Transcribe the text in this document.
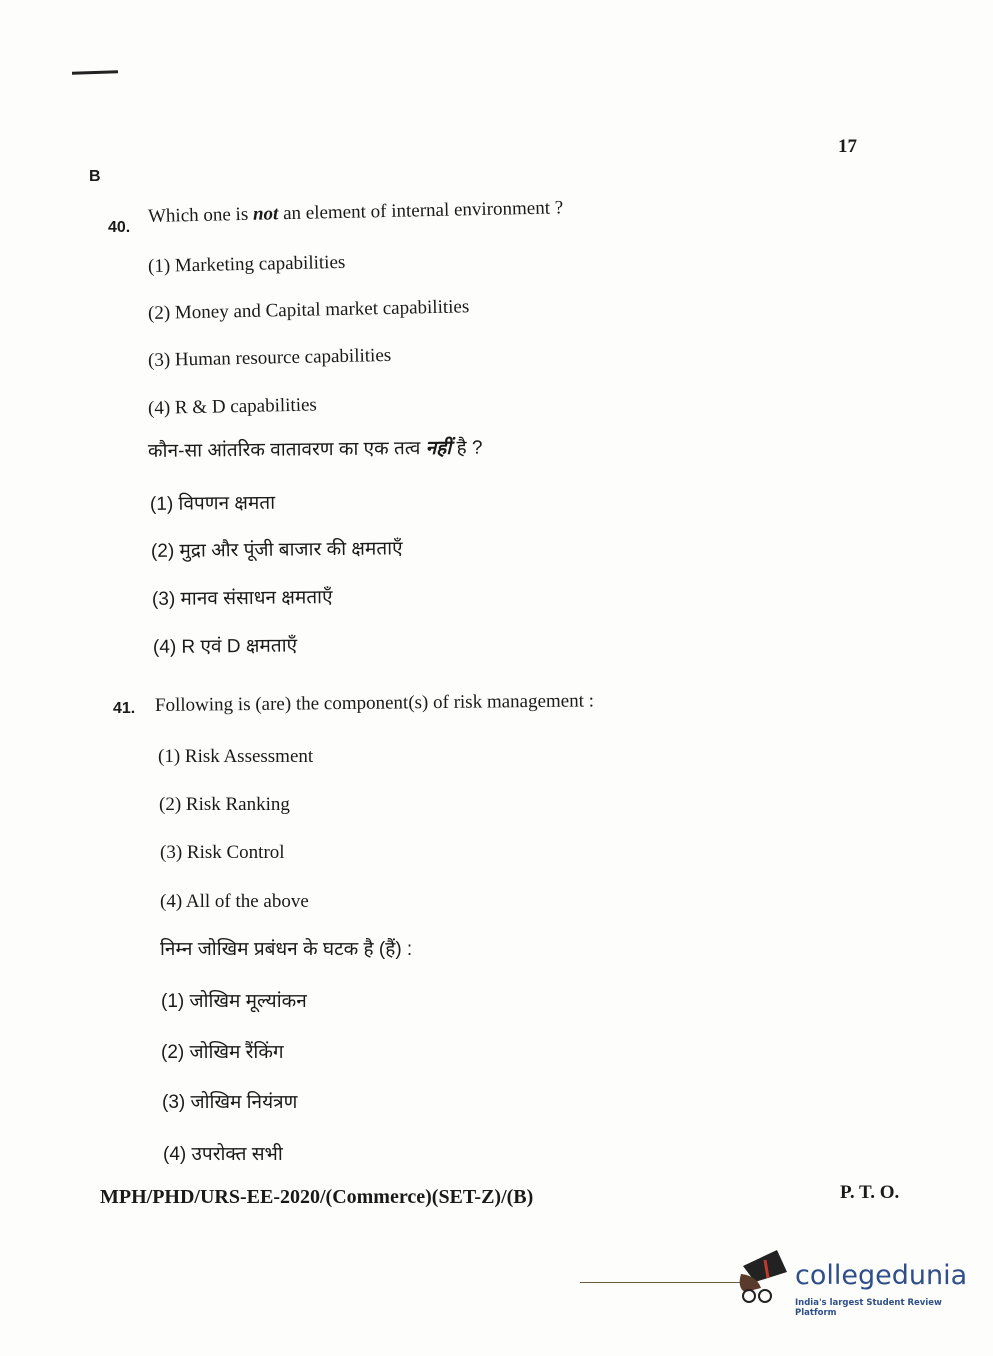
17
B
40.
Which one is not an element of internal environment ?
(1) Marketing capabilities
(2) Money and Capital market capabilities
(3) Human resource capabilities
(4) R & D capabilities
कौन-सा आंतरिक वातावरण का एक तत्व नहीं है ?
(1) विपणन क्षमता
(2) मुद्रा और पूंजी बाजार की क्षमताएँ
(3) मानव संसाधन क्षमताएँ
(4) R एवं D क्षमताएँ
41. Following is (are) the component(s) of risk management :
(1) Risk Assessment
(2) Risk Ranking
(3) Risk Control
(4) All of the above
निम्न जोखिम प्रबंधन के घटक है (हैं) :
(1) जोखिम मूल्यांकन
(2) जोखिम रैंकिंग
(3) जोखिम नियंत्रण
(4) उपरोक्त सभी
MPH/PHD/URS-EE-2020/(Commerce)(SET-Z)/(B)	P. T. O.
collegedunia
India's largest Student Review Platform
